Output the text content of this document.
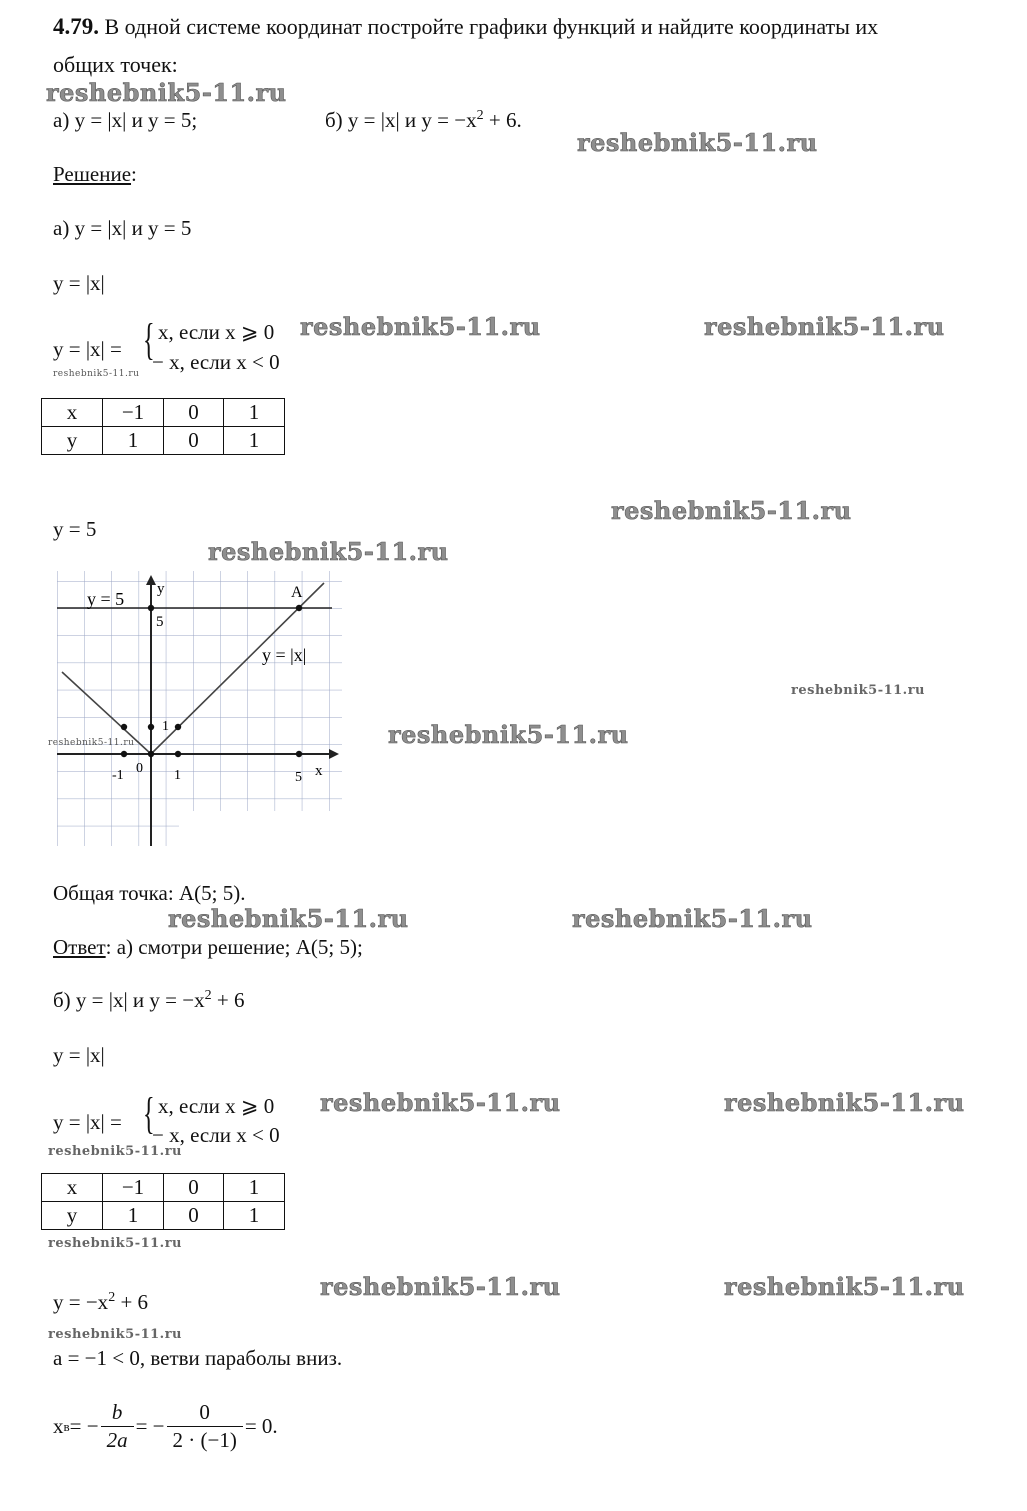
4.79. В одной системе координат постройте графики функций и найдите координаты их
общих точек:
а) y = |x| и y = 5;	б) y = |x| и $y = -x^2 + 6$.
Решение:
а) y = |x| и y = 5
y = |x|
y = |x| = { x, если x ⩾ 0
− x, если x < 0
x	−1	0	1
y	1	0	1
y = 5
y = 5
y = |x|
y
x
A
5
1
1
-1 0
5
Общая точка: A(5; 5).
Ответ: а) смотри решение; A(5; 5);
б) y = |x| и $y = -x^2 + 6$
y = |x|
y = |x| = { x, если x ⩾ 0
− x, если x < 0
x	−1	0	1
y	1	0	1
$y = -x^2 + 6$
a = −1 < 0, ветви параболы вниз.
x в = − $\frac{b}{2a}$ = − $\frac{0}{2 \cdot (-1)} = 0$.
reshebnik5-11.ru
reshebnik5-11.ru
reshebnik5-11.ru	reshebnik5-11.ru
reshebnik5-11.ru
reshebnik5-11.ru
reshebnik5-11.ru
reshebnik5-11.ru
reshebnik5-11.ru
reshebnik5-11.ru
reshebnik5-11.ru	reshebnik5-11.ru
reshebnik5-11.ru	reshebnik5-11.ru
reshebnik5-11.ru
reshebnik5-11.ru
reshebnik5-11.ru	reshebnik5-11.ru
reshebnik5-11.ru
